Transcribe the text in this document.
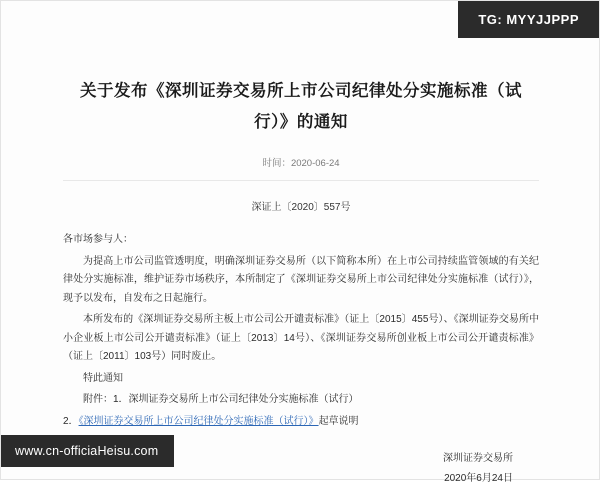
TG: MYYJJPPP
关于发布《深圳证券交易所上市公司纪律处分实施标准（试行）》的通知
时间：2020-06-24
深证上〔2020〕557号

各市场参与人：

为提高上市公司监管透明度，明确深圳证券交易所（以下简称本所）在上市公司持续监管领域的有关纪律处分实施标准，维护证券市场秩序，本所制定了《深圳证券交易所上市公司纪律处分实施标准（试行）》，现予以发布，自发布之日起施行。

本所发布的《深圳证券交易所主板上市公司公开谴责标准》（证上〔2015〕455号）、《深圳证券交易所中小企业板上市公司公开谴责标准》（证上〔2013〕14号）、《深圳证券交易所创业板上市公司公开谴责标准》（证上〔2011〕103号）同时废止。

特此通知

附件：1．深圳证券交易所上市公司纪律处分实施标准（试行）

2．《深圳证券交易所上市公司纪律处分实施标准（试行）》起草说明

深圳证券交易所
2020年6月24日
www.cn-officiaHeisu.com
